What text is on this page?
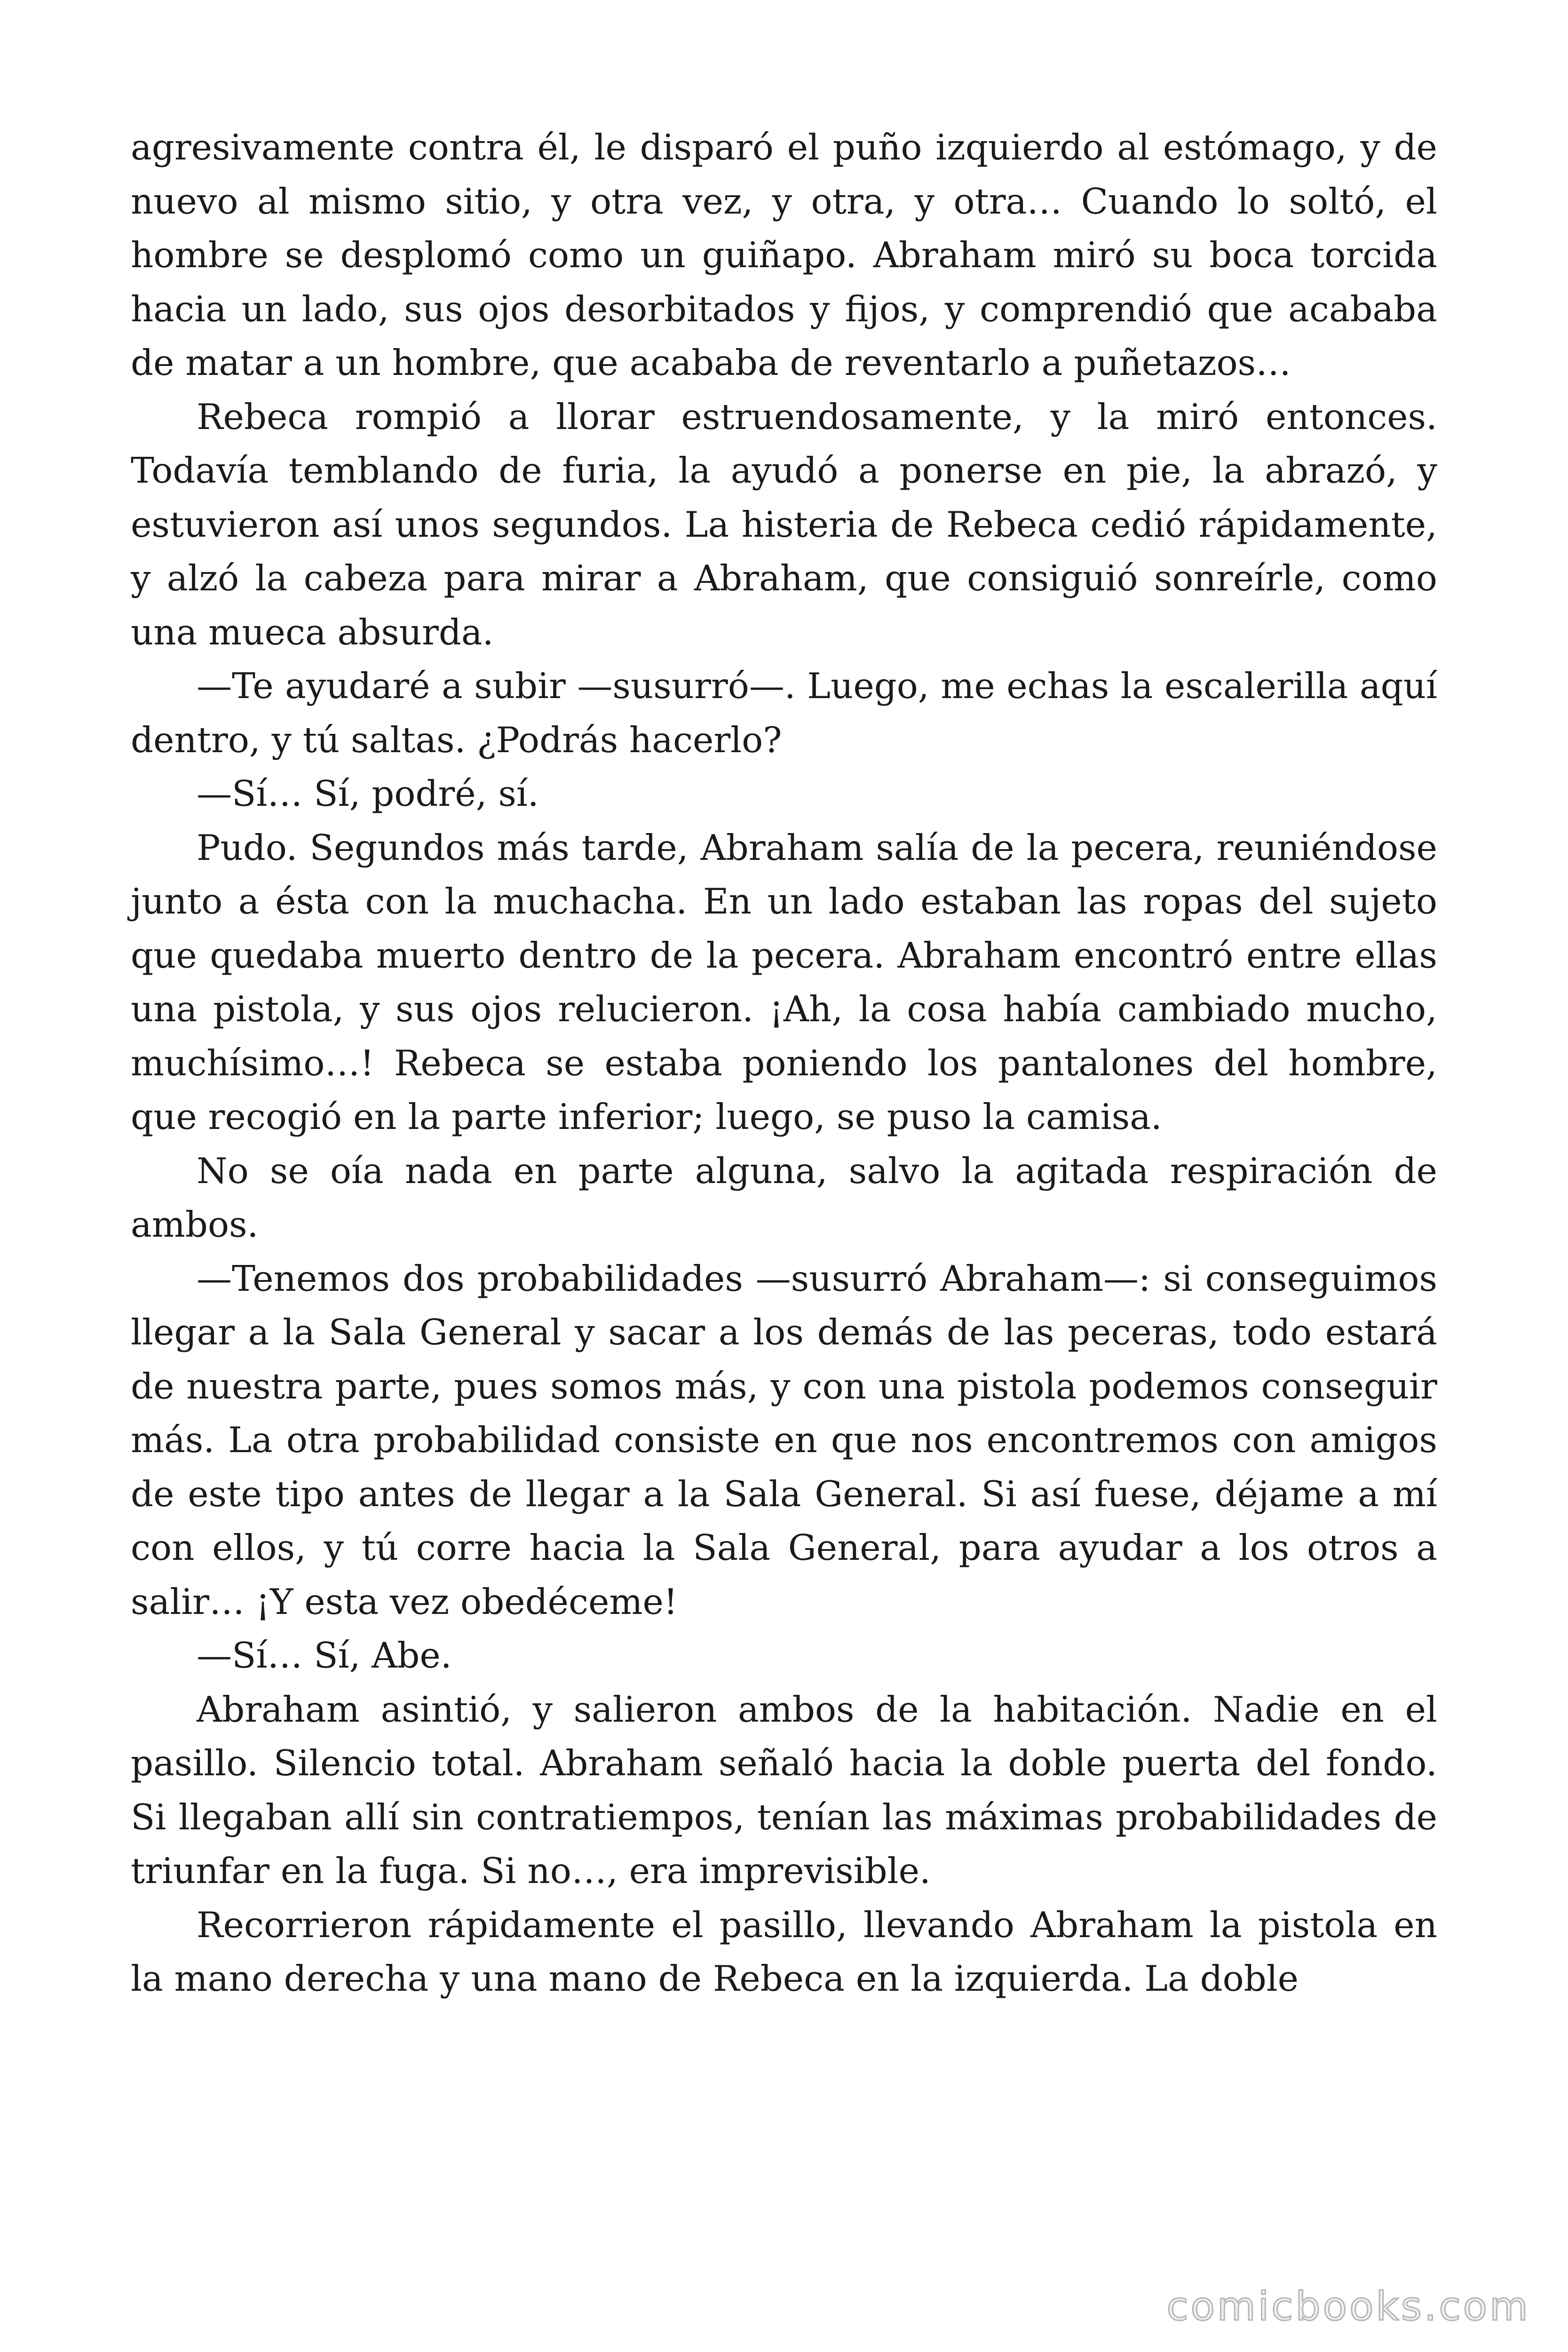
agresivamente contra él, le disparó el puño izquierdo al estómago, y de nuevo al mismo sitio, y otra vez, y otra, y otra… Cuando lo soltó, el hombre se desplomó como un guiñapo. Abraham miró su boca torcida hacia un lado, sus ojos desorbitados y fijos, y comprendió que acababa de matar a un hombre, que acababa de reventarlo a puñetazos…

Rebeca rompió a llorar estruendosamente, y la miró entonces. Todavía temblando de furia, la ayudó a ponerse en pie, la abrazó, y estuvieron así unos segundos. La histeria de Rebeca cedió rápidamente, y alzó la cabeza para mirar a Abraham, que consiguió sonreírle, como una mueca absurda.

—Te ayudaré a subir —susurró—. Luego, me echas la escalerilla aquí dentro, y tú saltas. ¿Podrás hacerlo?

—Sí… Sí, podré, sí.

Pudo. Segundos más tarde, Abraham salía de la pecera, reuniéndose junto a ésta con la muchacha. En un lado estaban las ropas del sujeto que quedaba muerto dentro de la pecera. Abraham encontró entre ellas una pistola, y sus ojos relucieron. ¡Ah, la cosa había cambiado mucho, muchísimo…! Rebeca se estaba poniendo los pantalones del hombre, que recogió en la parte inferior; luego, se puso la camisa.

No se oía nada en parte alguna, salvo la agitada respiración de ambos.

—Tenemos dos probabilidades —susurró Abraham—: si conseguimos llegar a la Sala General y sacar a los demás de las peceras, todo estará de nuestra parte, pues somos más, y con una pistola podemos conseguir más. La otra probabilidad consiste en que nos encontremos con amigos de este tipo antes de llegar a la Sala General. Si así fuese, déjame a mí con ellos, y tú corre hacia la Sala General, para ayudar a los otros a salir… ¡Y esta vez obedéceme!

—Sí… Sí, Abe.

Abraham asintió, y salieron ambos de la habitación. Nadie en el pasillo. Silencio total. Abraham señaló hacia la doble puerta del fondo. Si llegaban allí sin contratiempos, tenían las máximas probabilidades de triunfar en la fuga. Si no…, era imprevisible.

Recorrieron rápidamente el pasillo, llevando Abraham la pistola en la mano derecha y una mano de Rebeca en la izquierda. La doble

comicbooks.com
